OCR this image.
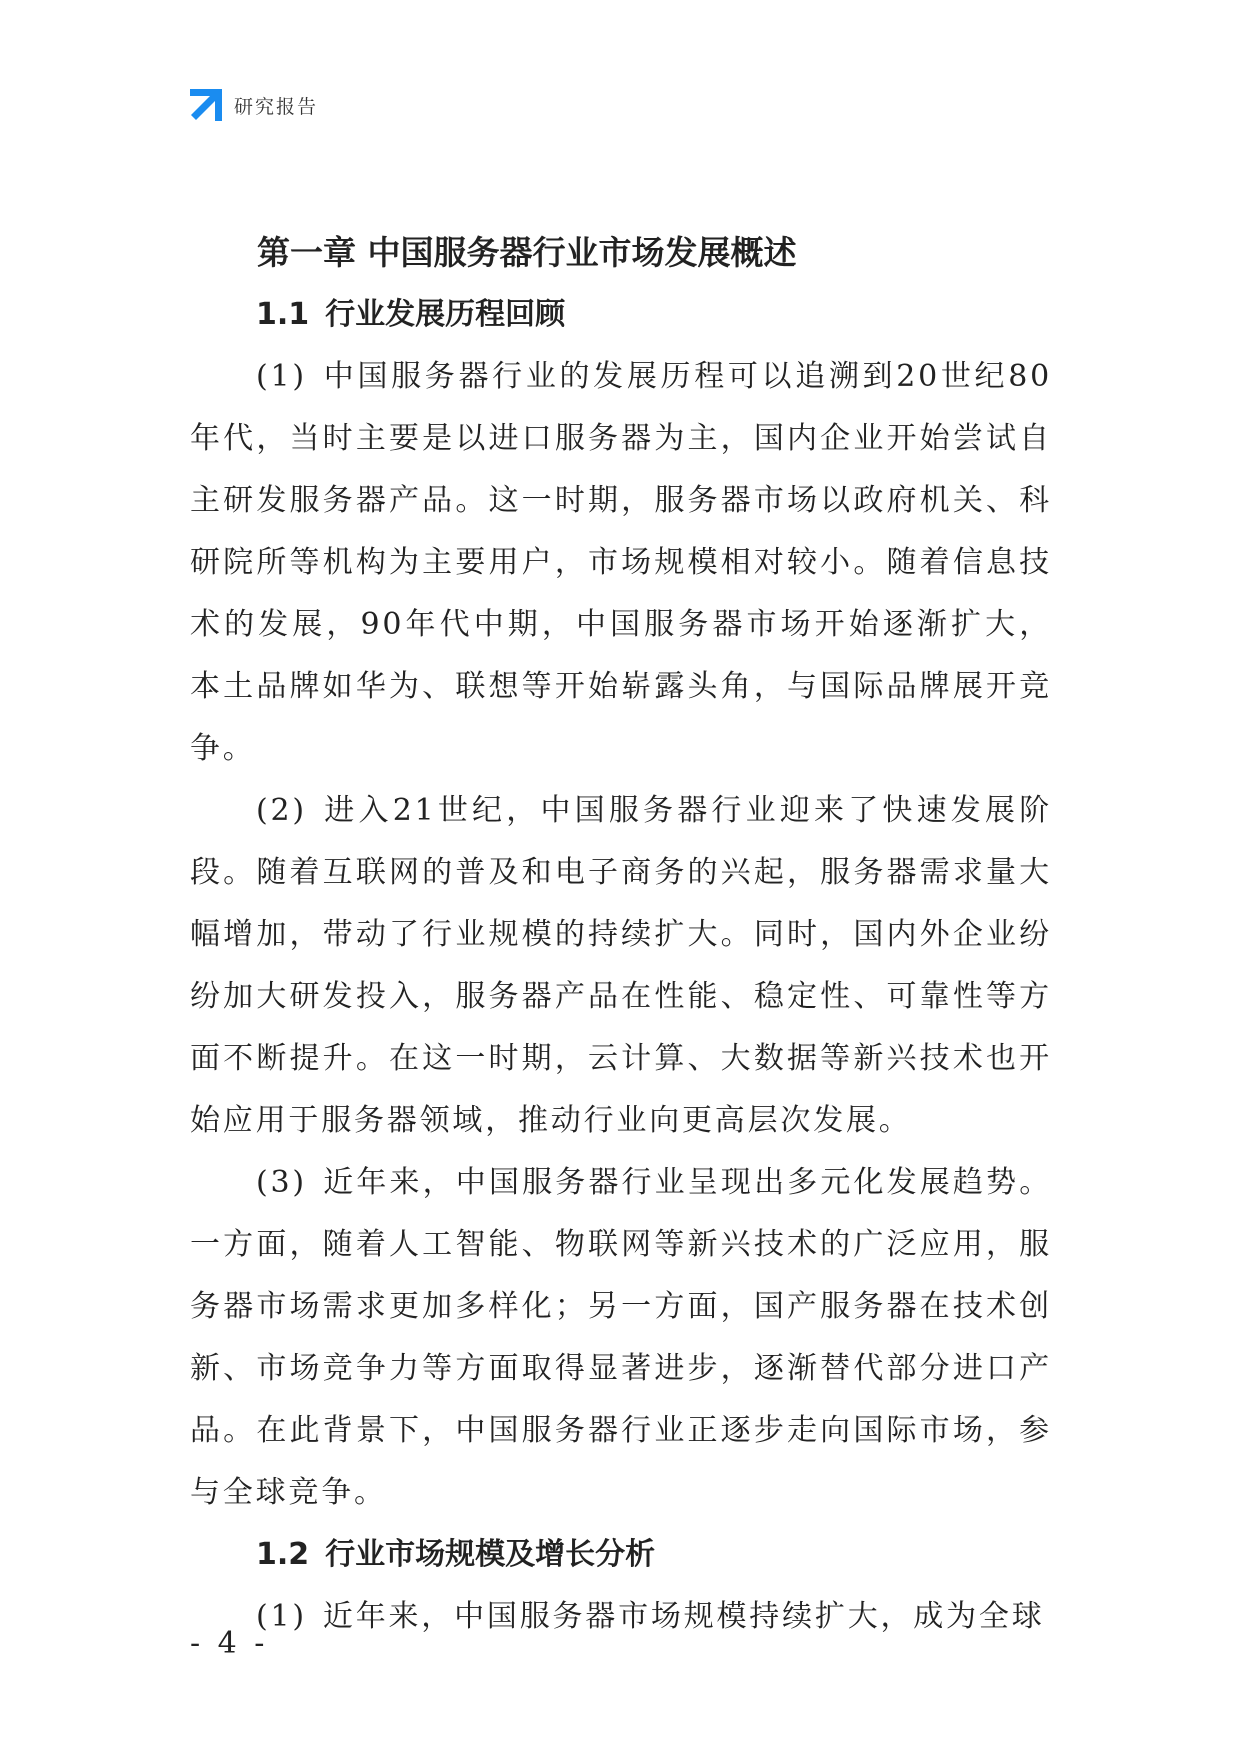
研究报告
第一章 中国服务器行业市场发展概述
1.1 行业发展历程回顾

(1) 中国服务器行业的发展历程可以追溯到20世纪80年代，当时主要是以进口服务器为主，国内企业开始尝试自主研发服务器产品。这一时期，服务器市场以政府机关、科研院所等机构为主要用户，市场规模相对较小。随着信息技术的发展，90年代中期，中国服务器市场开始逐渐扩大，本土品牌如华为、联想等开始崭露头角，与国际品牌展开竞争。

(2) 进入21世纪，中国服务器行业迎来了快速发展阶段。随着互联网的普及和电子商务的兴起，服务器需求量大幅增加，带动了行业规模的持续扩大。同时，国内外企业纷纷加大研发投入，服务器产品在性能、稳定性、可靠性等方面不断提升。在这一时期，云计算、大数据等新兴技术也开始应用于服务器领域，推动行业向更高层次发展。

(3) 近年来，中国服务器行业呈现出多元化发展趋势。一方面，随着人工智能、物联网等新兴技术的广泛应用，服务器市场需求更加多样化；另一方面，国产服务器在技术创新、市场竞争力等方面取得显著进步，逐渐替代部分进口产品。在此背景下，中国服务器行业正逐步走向国际市场，参与全球竞争。

1.2 行业市场规模及增长分析

(1) 近年来，中国服务器市场规模持续扩大，成为全球

- 4 -
